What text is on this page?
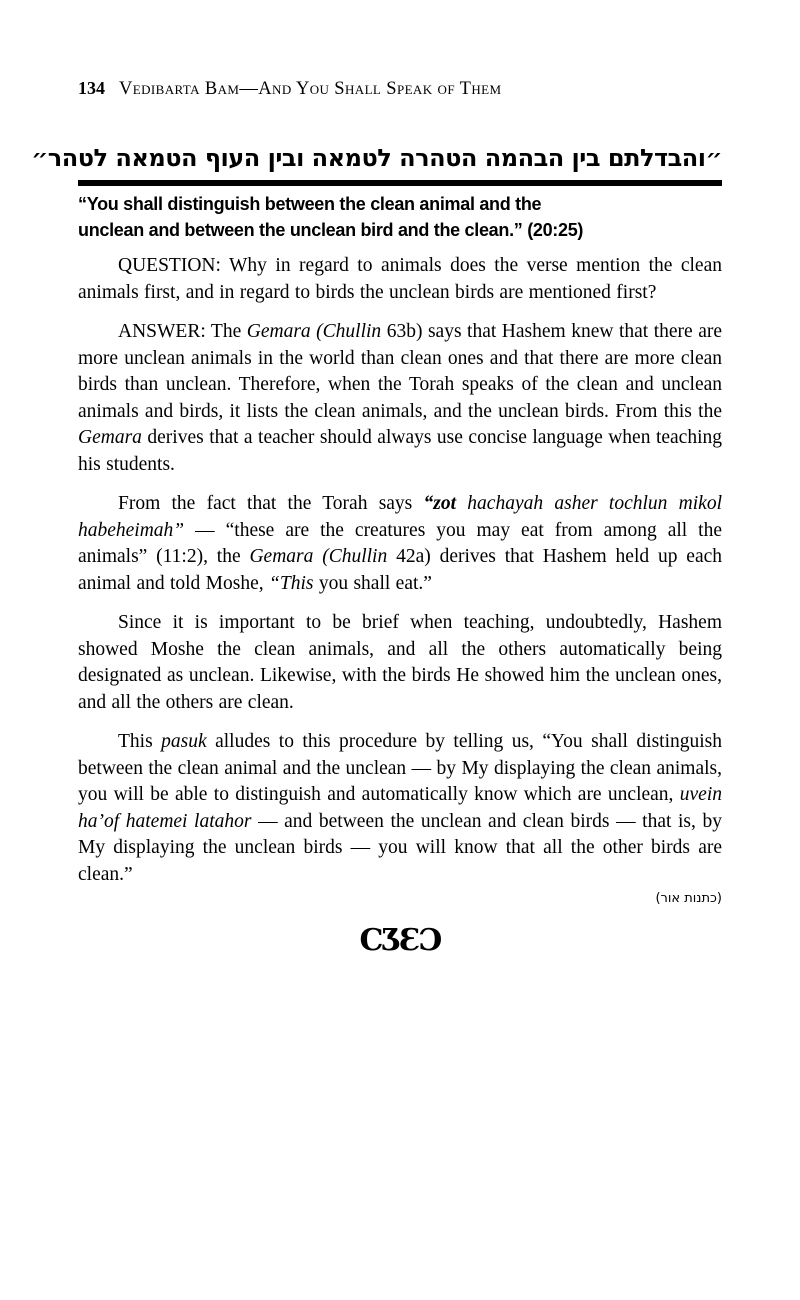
134 Vedibarta Bam—And You Shall Speak of Them
״והבדלתם בין הבהמה הטהרה לטמאה ובין העוף הטמאה לטהר״
“You shall distinguish between the clean animal and the
unclean and between the unclean bird and the clean.” (20:25)

QUESTION: Why in regard to animals does the verse mention the clean animals first, and in regard to birds the unclean birds are mentioned first?

ANSWER: The Gemara (Chullin 63b) says that Hashem knew that there are more unclean animals in the world than clean ones and that there are more clean birds than unclean. Therefore, when the Torah speaks of the clean and unclean animals and birds, it lists the clean animals, and the unclean birds. From this the Gemara derives that a teacher should always use concise language when teaching his students.

From the fact that the Torah says “zot hachayah asher tochlun mikol habeheimah” — “these are the creatures you may eat from among all the animals” (11:2), the Gemara (Chullin 42a) derives that Hashem held up each animal and told Moshe, “This you shall eat.”

Since it is important to be brief when teaching, undoubtedly, Hashem showed Moshe the clean animals, and all the others automatically being designated as unclean. Likewise, with the birds He showed him the unclean ones, and all the others are clean.

This pasuk alludes to this procedure by telling us, “You shall distinguish between the clean animal and the unclean — by My displaying the clean animals, you will be able to distinguish and automatically know which are unclean, uvein ha’of hatemei latahor — and between the unclean and clean birds — that is, by My displaying the unclean birds — you will know that all the other birds are clean.”

(כתנות אור)
CƷƐƆ
